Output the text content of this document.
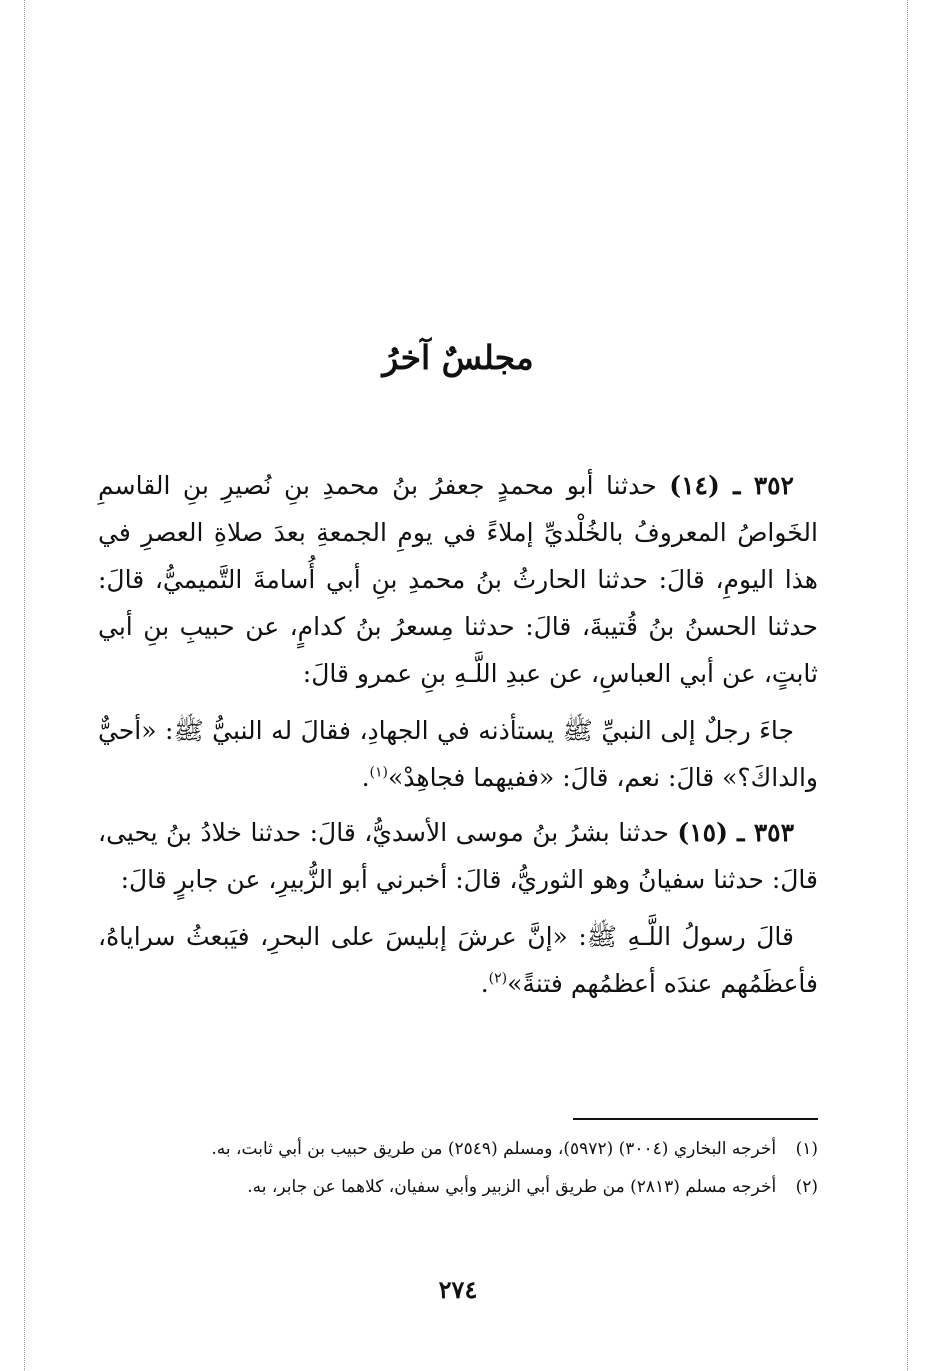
مجلسٌ آخرُ

٣٥٢ ـ (١٤) حدثنا أبو محمدٍ جعفرُ بنُ محمدِ بنِ نُصيرِ بنِ القاسمِ الخَواصُ المعروفُ بالخُلْديِّ إملاءً في يومِ الجمعةِ بعدَ صلاةِ العصرِ في هذا اليومِ، قالَ: حدثنا الحارثُ بنُ محمدِ بنِ أبي أُسامةَ التَّميميُّ، قالَ: حدثنا الحسنُ بنُ قُتيبةَ، قالَ: حدثنا مِسعرُ بنُ كدامٍ، عن حبيبِ بنِ أبي ثابتٍ، عن أبي العباسِ، عن عبدِ اللَّـهِ بنِ عمرو قالَ:

جاءَ رجلٌ إلى النبيِّ ﷺ يستأذنه في الجهادِ، فقالَ له النبيُّ ﷺ: «أحيٌّ والداكَ؟» قالَ: نعم، قالَ: «ففيهما فجاهِدْ»$^{(١)}$.

٣٥٣ ـ (١٥) حدثنا بشرُ بنُ موسى الأسديُّ، قالَ: حدثنا خلادُ بنُ يحيى، قالَ: حدثنا سفيانُ وهو الثوريُّ، قالَ: أخبرني أبو الزُّبيرِ، عن جابرٍ قالَ:

قالَ رسولُ اللَّـهِ ﷺ: «إنَّ عرشَ إبليسَ على البحرِ، فيَبعثُ سراياهُ، فأعظَمُهم عندَه أعظمُهم فتنةً»$^{(٢)}$.

(١) أخرجه البخاري (٣٠٠٤) (٥٩٧٢)، ومسلم (٢٥٤٩) من طريق حبيب بن أبي ثابت، به.

(٢) أخرجه مسلم (٢٨١٣) من طريق أبي الزبير وأبي سفيان، كلاهما عن جابر، به.

٢٧٤
